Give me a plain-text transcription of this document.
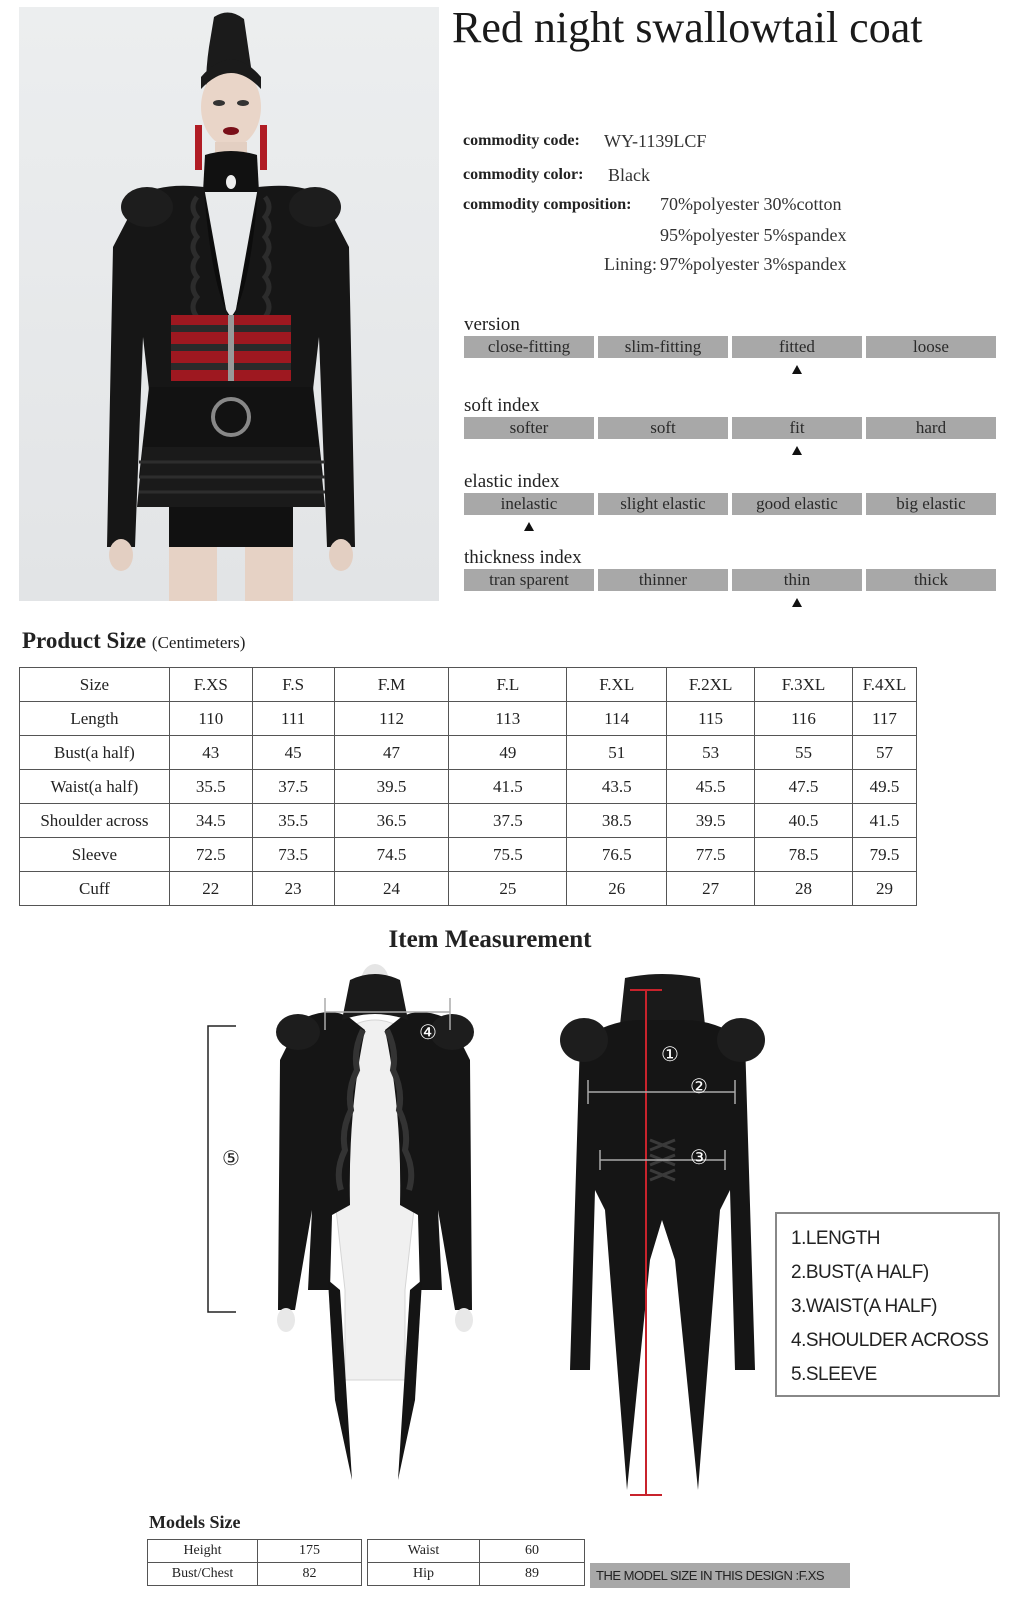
Red night swallowtail coat
commodity code: WY-1139LCF
commodity color: Black
commodity composition: 70%polyester 30%cotton
95%polyester 5%spandex
Lining: 97%polyester 3%spandex
version
close-fitting	slim-fitting	fitted	loose
soft index
softer	soft	fit	hard
elastic index
inelastic	slight elastic	good elastic	big elastic
thickness index
tran sparent	thinner	thin	thick
Product Size (Centimeters)
Size	F.XS	F.S	F.M	F.L	F.XL	F.2XL	F.3XL	F.4XL
Length	110	111	112	113	114	115	116	117
Bust(a half)	43	45	47	49	51	53	55	57
Waist(a half)	35.5	37.5	39.5	41.5	43.5	45.5	47.5	49.5
Shoulder across	34.5	35.5	36.5	37.5	38.5	39.5	40.5	41.5
Sleeve	72.5	73.5	74.5	75.5	76.5	77.5	78.5	79.5
Cuff	22	23	24	25	26	27	28	29
Item Measurement
④
⑤
①
②
③
1.LENGTH
2.BUST(A HALF)
3.WAIST(A HALF)
4.SHOULDER ACROSS
5.SLEEVE
Models Size
Height	175
Bust/Chest	82
Waist	60
Hip	89	THE MODEL SIZE IN THIS DESIGN :F.XS
